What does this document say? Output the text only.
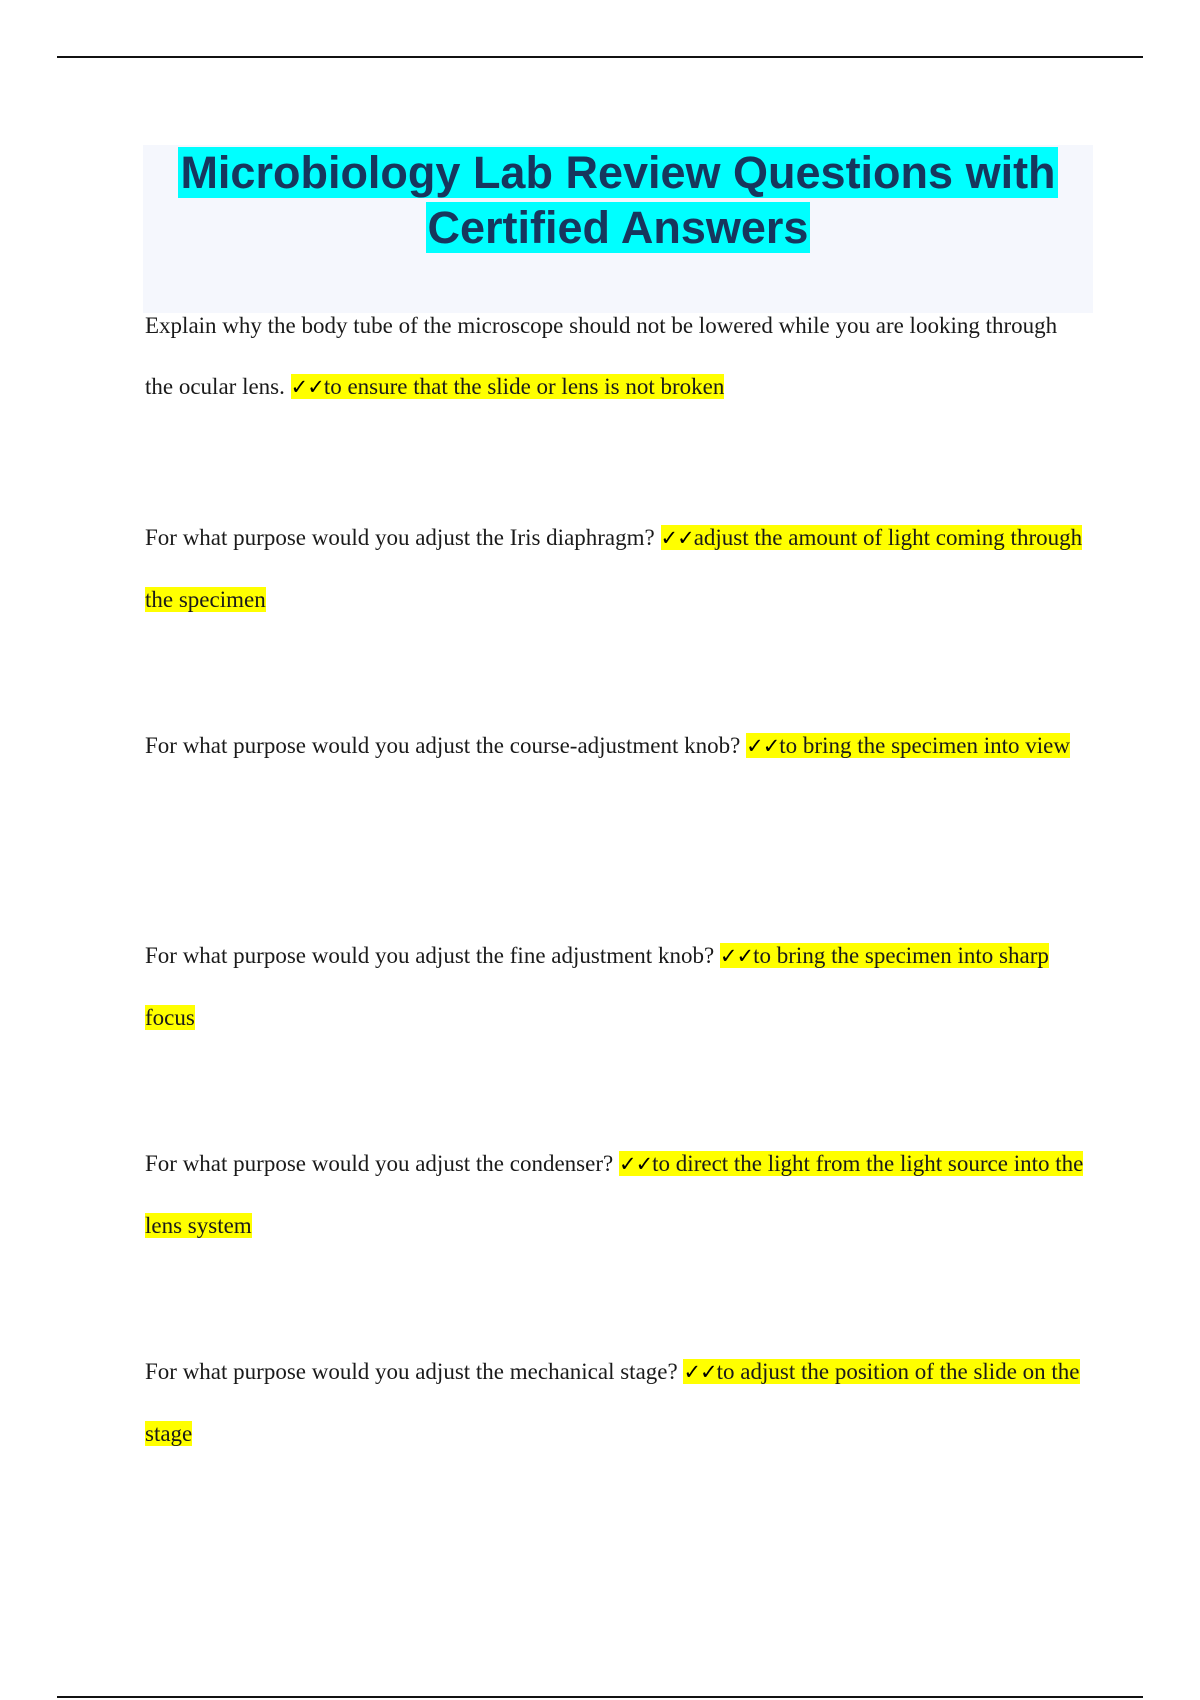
Microbiology Lab Review Questions with
Certified Answers

Explain why the body tube of the microscope should not be lowered while you are looking through the ocular lens. ✓✓to ensure that the slide or lens is not broken

For what purpose would you adjust the Iris diaphragm? ✓✓adjust the amount of light coming through the specimen

For what purpose would you adjust the course-adjustment knob? ✓✓to bring the specimen into view

For what purpose would you adjust the fine adjustment knob? ✓✓to bring the specimen into sharp focus

For what purpose would you adjust the condenser? ✓✓to direct the light from the light source into the lens system

For what purpose would you adjust the mechanical stage? ✓✓to adjust the position of the slide on the stage
